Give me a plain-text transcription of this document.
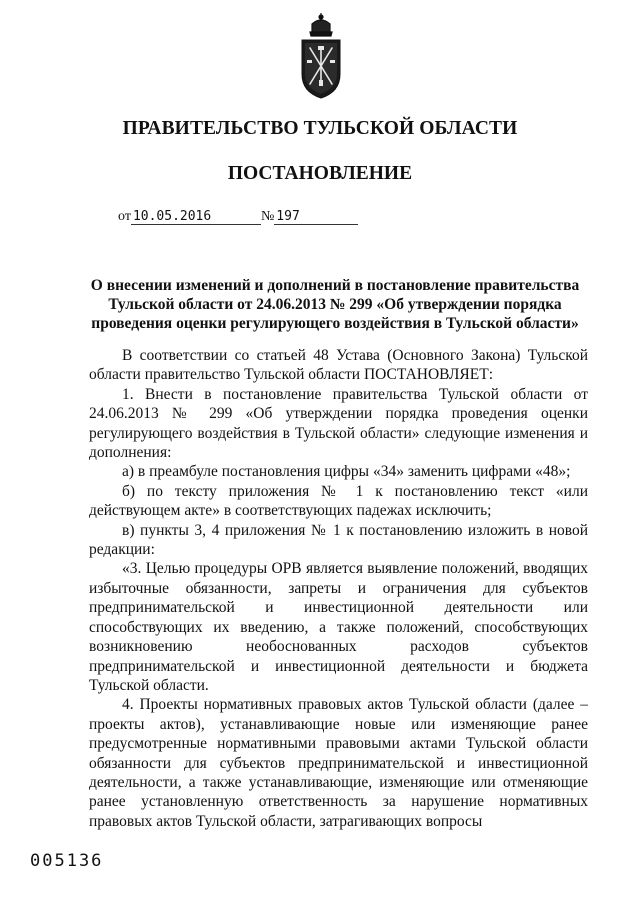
ПРАВИТЕЛЬСТВО ТУЛЬСКОЙ ОБЛАСТИ
ПОСТАНОВЛЕНИЕ
от 10.05.2016	№ 197
О внесении изменений и дополнений в постановление правительства Тульской области от 24.06.2013 № 299 «Об утверждении порядка проведения оценки регулирующего воздействия в Тульской области»

В соответствии со статьей 48 Устава (Основного Закона) Тульской области правительство Тульской области ПОСТАНОВЛЯЕТ:

1. Внести в постановление правительства Тульской области от 24.06.2013 № 299 «Об утверждении порядка проведения оценки регулирующего воздействия в Тульской области» следующие изменения и дополнения:

а) в преамбуле постановления цифры «34» заменить цифрами «48»;

б) по тексту приложения № 1 к постановлению текст «или действующем акте» в соответствующих падежах исключить;

в) пункты 3, 4 приложения № 1 к постановлению изложить в новой редакции:

«3. Целью процедуры ОРВ является выявление положений, вводящих избыточные обязанности, запреты и ограничения для субъектов предпринимательской и инвестиционной деятельности или способствующих их введению, а также положений, способствующих возникновению необоснованных расходов субъектов предпринимательской и инвестиционной деятельности и бюджета Тульской области.

4. Проекты нормативных правовых актов Тульской области (далее – проекты актов), устанавливающие новые или изменяющие ранее предусмотренные нормативными правовыми актами Тульской области обязанности для субъектов предпринимательской и инвестиционной деятельности, а также устанавливающие, изменяющие или отменяющие ранее установленную ответственность за нарушение нормативных правовых актов Тульской области, затрагивающих вопросы

005136
